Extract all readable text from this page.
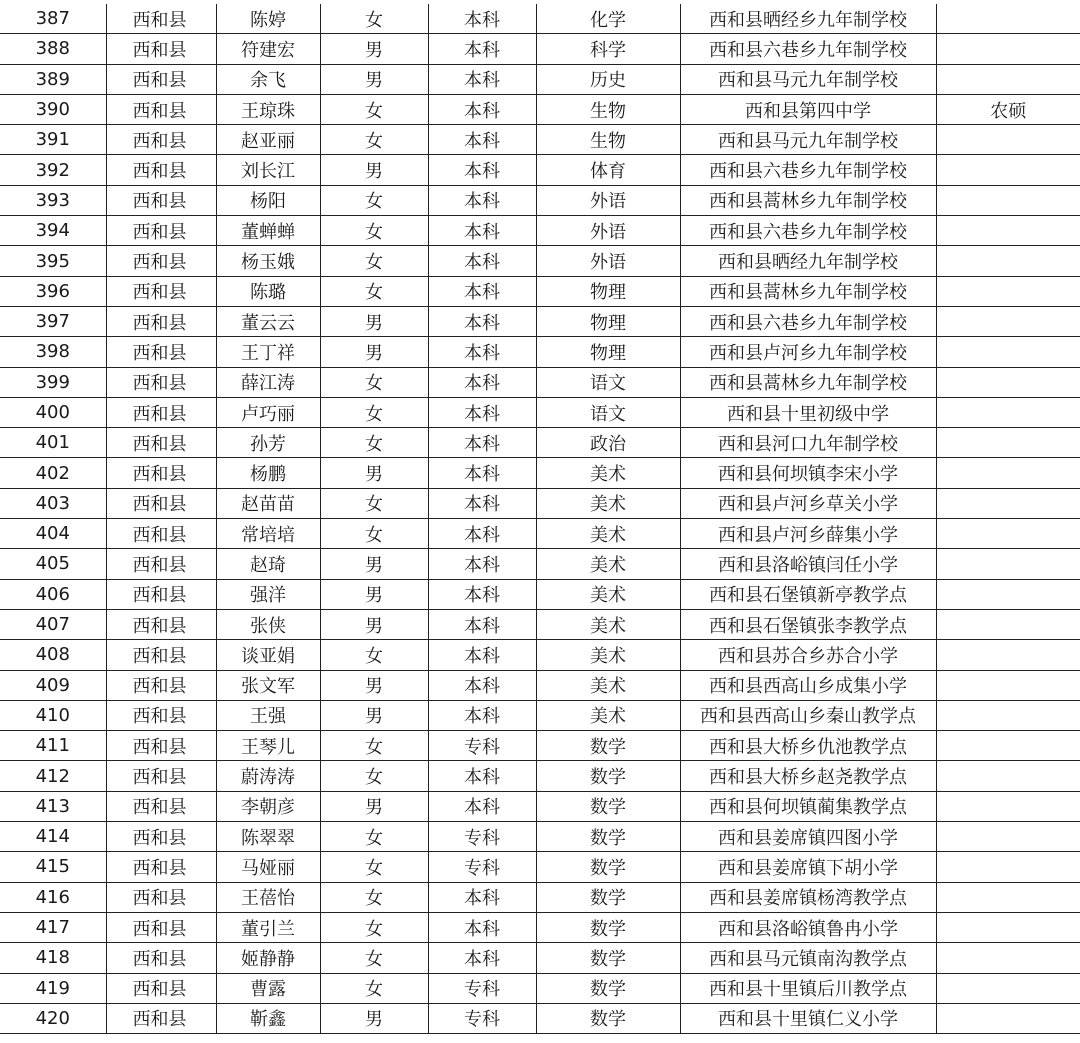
387	西和县	陈婷	女	本科	化学	西和县晒经乡九年制学校	
388	西和县	符建宏	男	本科	科学	西和县六巷乡九年制学校	
389	西和县	余飞	男	本科	历史	西和县马元九年制学校	
390	西和县	王琼珠	女	本科	生物	西和县第四中学	农硕
391	西和县	赵亚丽	女	本科	生物	西和县马元九年制学校	
392	西和县	刘长江	男	本科	体育	西和县六巷乡九年制学校	
393	西和县	杨阳	女	本科	外语	西和县蒿林乡九年制学校	
394	西和县	董蝉蝉	女	本科	外语	西和县六巷乡九年制学校	
395	西和县	杨玉娥	女	本科	外语	西和县晒经九年制学校	
396	西和县	陈璐	女	本科	物理	西和县蒿林乡九年制学校	
397	西和县	董云云	男	本科	物理	西和县六巷乡九年制学校	
398	西和县	王丁祥	男	本科	物理	西和县卢河乡九年制学校	
399	西和县	薛江涛	女	本科	语文	西和县蒿林乡九年制学校	
400	西和县	卢巧丽	女	本科	语文	西和县十里初级中学	
401	西和县	孙芳	女	本科	政治	西和县河口九年制学校	
402	西和县	杨鹏	男	本科	美术	西和县何坝镇李宋小学	
403	西和县	赵苗苗	女	本科	美术	西和县卢河乡草关小学	
404	西和县	常培培	女	本科	美术	西和县卢河乡薛集小学	
405	西和县	赵琦	男	本科	美术	西和县洛峪镇闫任小学	
406	西和县	强洋	男	本科	美术	西和县石堡镇新亭教学点	
407	西和县	张侠	男	本科	美术	西和县石堡镇张李教学点	
408	西和县	谈亚娟	女	本科	美术	西和县苏合乡苏合小学	
409	西和县	张文军	男	本科	美术	西和县西高山乡成集小学	
410	西和县	王强	男	本科	美术	西和县西高山乡秦山教学点	
411	西和县	王琴儿	女	专科	数学	西和县大桥乡仇池教学点	
412	西和县	蔚涛涛	女	本科	数学	西和县大桥乡赵尧教学点	
413	西和县	李朝彦	男	本科	数学	西和县何坝镇蔺集教学点	
414	西和县	陈翠翠	女	专科	数学	西和县姜席镇四图小学	
415	西和县	马娅丽	女	专科	数学	西和县姜席镇下胡小学	
416	西和县	王蓓怡	女	本科	数学	西和县姜席镇杨湾教学点	
417	西和县	董引兰	女	本科	数学	西和县洛峪镇鲁冉小学	
418	西和县	姬静静	女	本科	数学	西和县马元镇南沟教学点	
419	西和县	曹露	女	专科	数学	西和县十里镇后川教学点	
420	西和县	靳鑫	男	专科	数学	西和县十里镇仁义小学	
